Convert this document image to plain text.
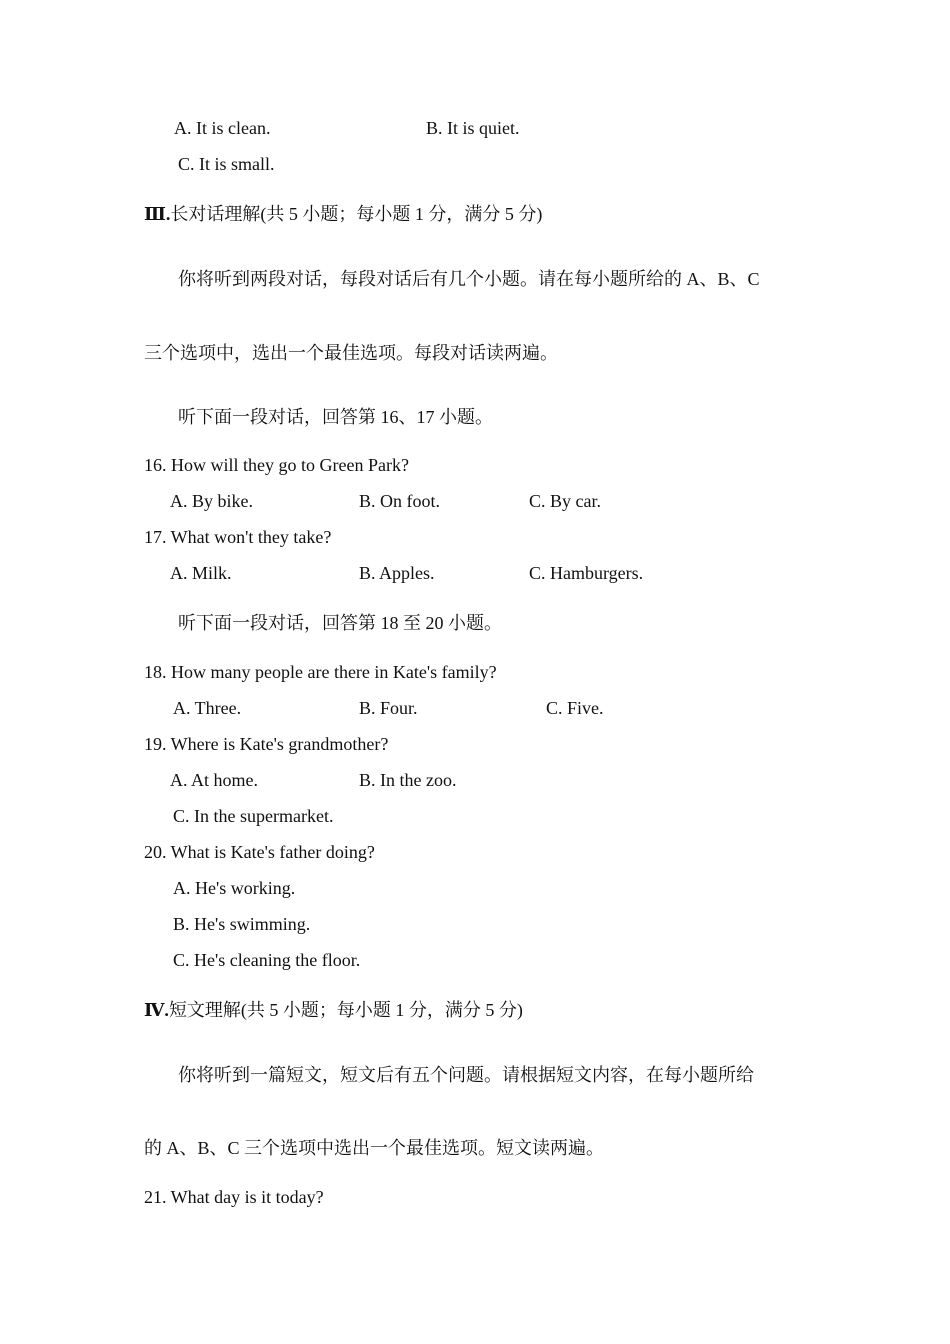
A. It is clean.	B. It is quiet.
C. It is small.
Ⅲ.长对话理解(共 5 小题；每小题 1 分，满分 5 分)
你将听到两段对话，每段对话后有几个小题。请在每小题所给的 A、B、C
三个选项中，选出一个最佳选项。每段对话读两遍。
听下面一段对话，回答第 16、17 小题。
16. How will they go to Green Park?
A. By bike.	B. On foot.	C. By car.
17. What won't they take?
A. Milk.	B. Apples.	C. Hamburgers.
听下面一段对话，回答第 18 至 20 小题。
18. How many people are there in Kate's family?
A. Three.	B. Four.	C. Five.
19. Where is Kate's grandmother?
A. At home.	B. In the zoo.
C. In the supermarket.
20. What is Kate's father doing?
A. He's working.
B. He's swimming.
C. He's cleaning the floor.
Ⅳ.短文理解(共 5 小题；每小题 1 分，满分 5 分)
你将听到一篇短文，短文后有五个问题。请根据短文内容，在每小题所给
的 A、B、C 三个选项中选出一个最佳选项。短文读两遍。
21. What day is it today?
